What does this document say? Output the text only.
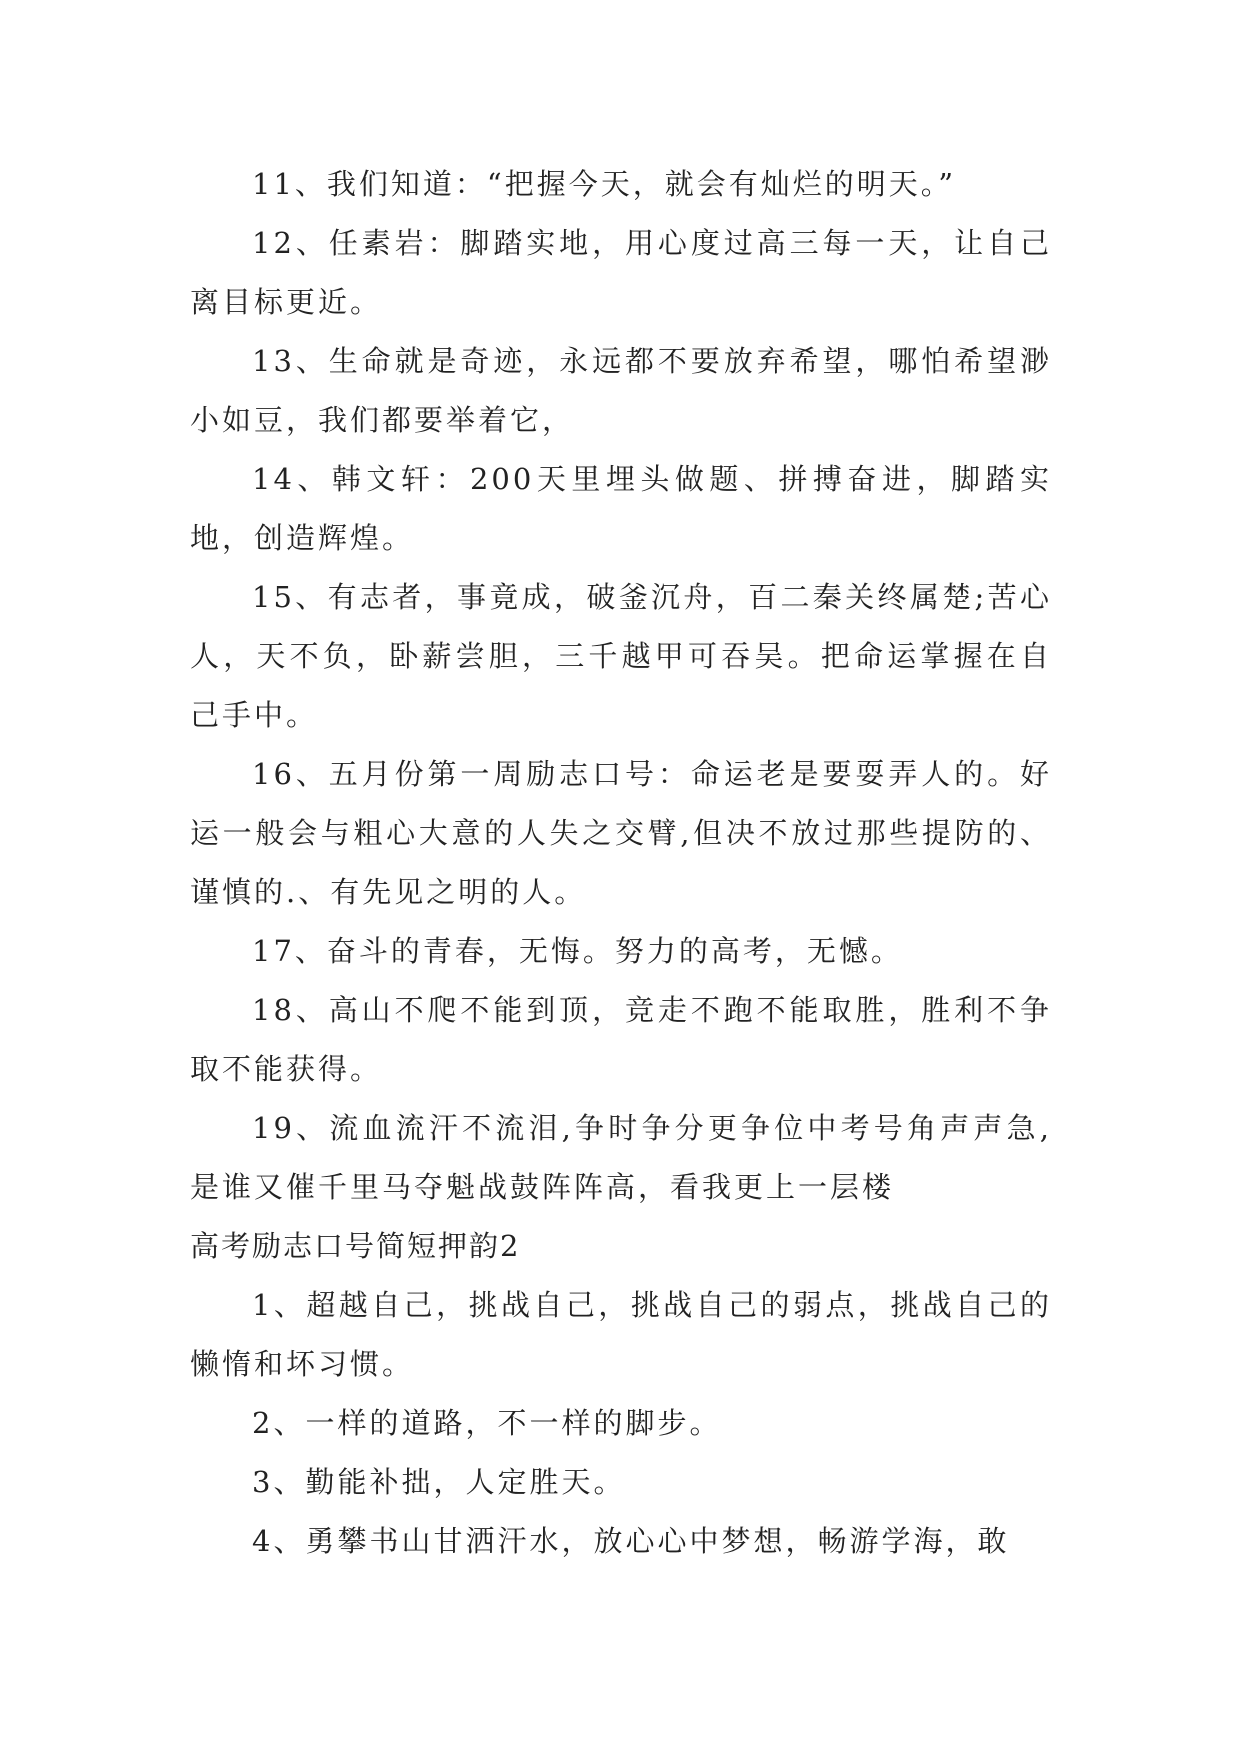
11、我们知道：“把握今天，就会有灿烂的明天。”

12、任素岩：脚踏实地，用心度过高三每一天，让自己离目标更近。

13、生命就是奇迹，永远都不要放弃希望，哪怕希望渺小如豆，我们都要举着它，

14、韩文轩：200天里埋头做题、拼搏奋进，脚踏实地，创造辉煌。

15、有志者，事竟成，破釜沉舟，百二秦关终属楚;苦心人，天不负，卧薪尝胆，三千越甲可吞吴。把命运掌握在自己手中。

16、五月份第一周励志口号：命运老是要耍弄人的。好运一般会与粗心大意的人失之交臂,但决不放过那些提防的、谨慎的.、有先见之明的人。

17、奋斗的青春，无悔。努力的高考，无憾。

18、高山不爬不能到顶，竞走不跑不能取胜，胜利不争取不能获得。

19、流血流汗不流泪,争时争分更争位中考号角声声急,是谁又催千里马夺魁战鼓阵阵高，看我更上一层楼

高考励志口号简短押韵2

1、超越自己，挑战自己，挑战自己的弱点，挑战自己的懒惰和坏习惯。

2、一样的道路，不一样的脚步。

3、勤能补拙，人定胜天。

4、勇攀书山甘洒汗水，放心心中梦想，畅游学海，敢
